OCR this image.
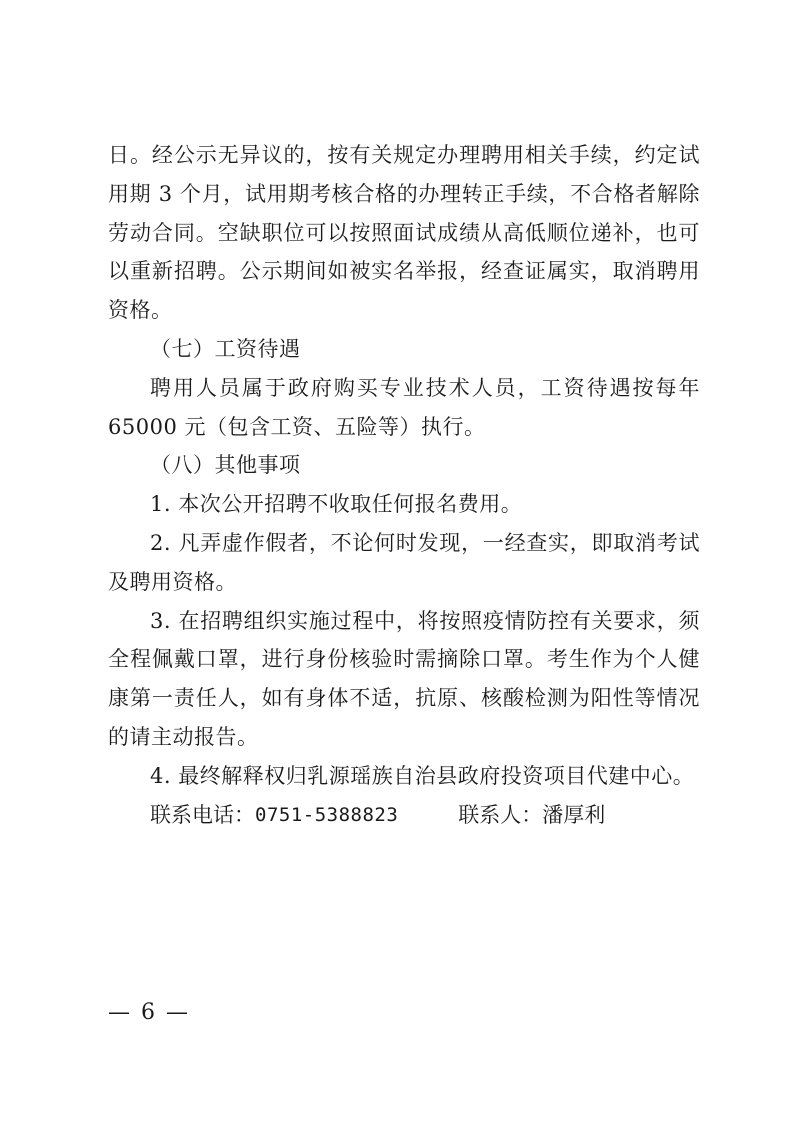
日。经公示无异议的，按有关规定办理聘用相关手续，约定试用期 3 个月，试用期考核合格的办理转正手续，不合格者解除劳动合同。空缺职位可以按照面试成绩从高低顺位递补，也可以重新招聘。公示期间如被实名举报，经查证属实，取消聘用资格。

（七）工资待遇

聘用人员属于政府购买专业技术人员，工资待遇按每年65000 元（包含工资、五险等）执行。

（八）其他事项

1. 本次公开招聘不收取任何报名费用。

2. 凡弄虚作假者，不论何时发现，一经查实，即取消考试及聘用资格。

3. 在招聘组织实施过程中，将按照疫情防控有关要求，须全程佩戴口罩，进行身份核验时需摘除口罩。考生作为个人健康第一责任人，如有身体不适，抗原、核酸检测为阳性等情况的请主动报告。

4. 最终解释权归乳源瑶族自治县政府投资项目代建中心。

联系电话： 0751-5388823	联系人：潘厚利
— 6 —
